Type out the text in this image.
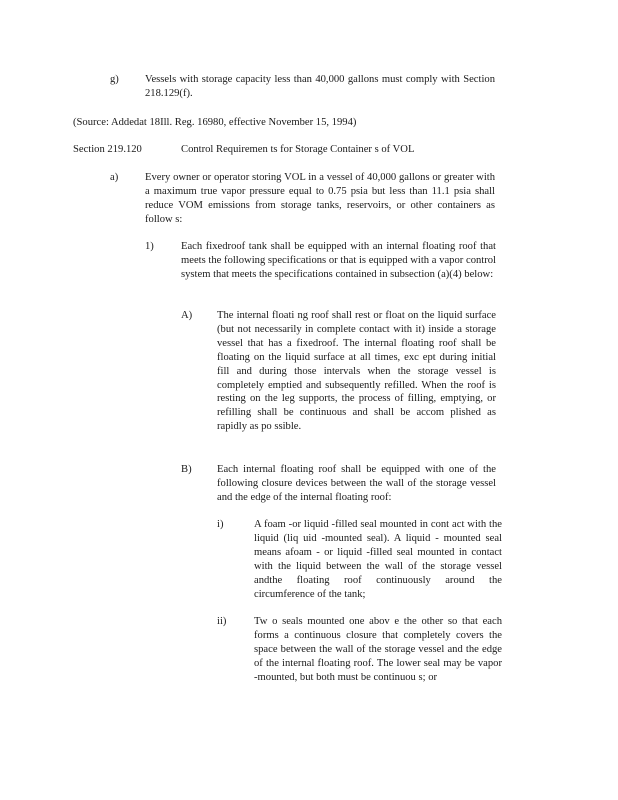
g) Vessels with storage capacity less than 40,000 gallons must comply with Section 218.129(f).
(Source: Addedat 18Ill. Reg. 16980, effective November 15, 1994)
Section 219.120	Control Requiremen ts for Storage Container s of VOL
a)	Every owner or operator storing VOL in a vessel of 40,000 gallons or greater with a maximum true vapor pressure equal to 0.75 psia but less than 11.1 psia shall reduce VOM emissions from storage tanks, reservoirs, or other containers as follow s:
1)	Each fixedroof tank shall be equipped with an internal floating roof that meets the following specifications or that is equipped with a vapor control system that meets the specifications contained in subsection (a)(4) below:
A) The internal floati ng roof shall rest or float on the liquid surface (but not necessarily in complete contact with it) inside a storage vessel that has a fixedroof. The internal floating roof shall be floating on the liquid surface at all times, exc ept during initial fill and during those intervals when the storage vessel is completely emptied and subsequently refilled. When the roof is resting on the leg supports, the process of filling, emptying, or refilling shall be continuous and shall be accom plished as rapidly as po ssible.
B) Each internal floating roof shall be equipped with one of the following closure devices between the wall of the storage vessel and the edge of the internal floating roof:
i)	A foam -or liquid -filled seal mounted in cont act with the liquid (liq uid -mounted seal). A liquid - mounted seal means afoam - or liquid -filled seal mounted in contact with the liquid between the wall of the storage vessel andthe floating roof continuously around the circumference of the tank;
ii)	Tw o seals mounted one abov e the other so that each forms a continuous closure that completely covers the space between the wall of the storage vessel and the edge of the internal floating roof. The lower seal may be vapor -mounted, but both must be continuou s; or
